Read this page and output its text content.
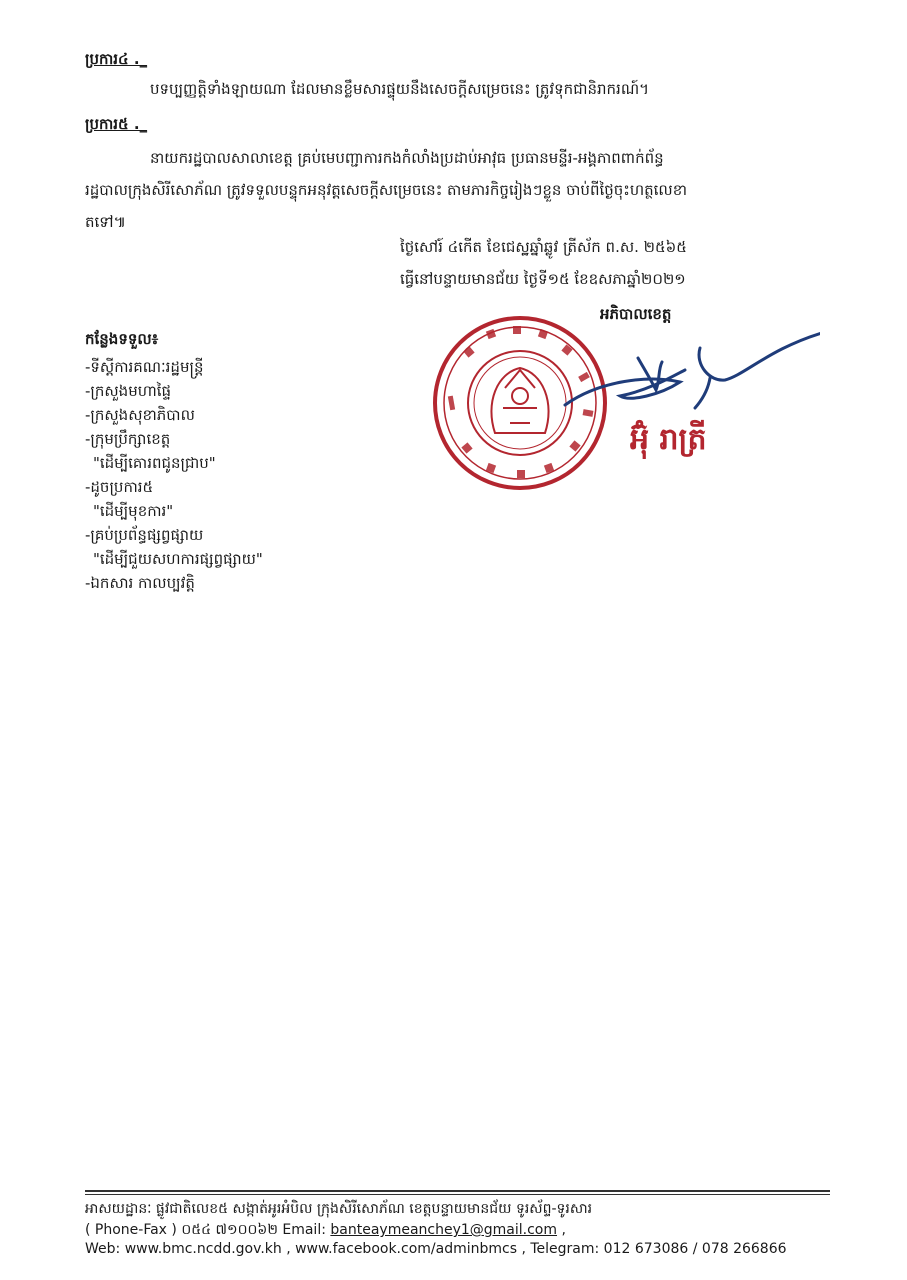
ប្រការ៤ ._
បទប្បញ្ញត្តិទាំងឡាយណា ដែលមានខ្លឹមសារផ្ទុយនឹងសេចក្តីសម្រេចនេះ ត្រូវទុកជានិរាករណ៍។
ប្រការ៥ ._
នាយករដ្ឋបាលសាលាខេត្ត គ្រប់មេបញ្ជាការកងកំលាំងប្រដាប់អាវុធ ប្រធានមន្ទីរ-អង្គភាពពាក់ព័ន្ធ
រដ្ឋបាលក្រុងសិរីសោភ័ណ ត្រូវទទួលបន្ទុកអនុវត្តសេចក្តីសម្រេចនេះ តាមភារកិច្ចរៀងៗខ្លួន ចាប់ពីថ្ងៃចុះហត្ថលេខា
តទៅ៕
ថ្ងៃសៅរ៍ ៤កើត ខែជេស្ឋឆ្នាំឆ្លូវ ត្រីស័ក ព.ស. ២៥៦៥
ធ្វើនៅបន្ទាយមានជ័យ ថ្ងៃទី១៥ ខែឧសភាឆ្នាំ២០២១
អភិបាលខេត្ត
អ៊ុំ រាត្រី
កន្លែងទទួល៖
-ទីស្តីការគណៈរដ្ឋមន្ត្រី
-ក្រសួងមហាផ្ទៃ
-ក្រសួងសុខាភិបាល
-ក្រុមប្រឹក្សាខេត្ត
"ដើម្បីគោរពជូនជ្រាប"
-ដូចប្រការ៥
"ដើម្បីមុខការ"
-គ្រប់ប្រព័ន្ធផ្សព្វផ្សាយ
"ដើម្បីជួយសហការផ្សព្វផ្សាយ"
-ឯកសារ កាលប្បវត្តិ
អាសយដ្ឋានៈ ផ្លូវជាតិលេខ៥ សង្កាត់អូរអំបិល ក្រុងសិរីសោភ័ណ ខេត្តបន្ទាយមានជ័យ ទូរស័ព្ទ-ទូរសារ
( Phone-Fax ) ០៥៤ ៧១០០៦២ Email: banteaymeanchey1@gmail.com ,
Web: www.bmc.ncdd.gov.kh , www.facebook.com/adminbmcs , Telegram: 012 673086 / 078 266866
